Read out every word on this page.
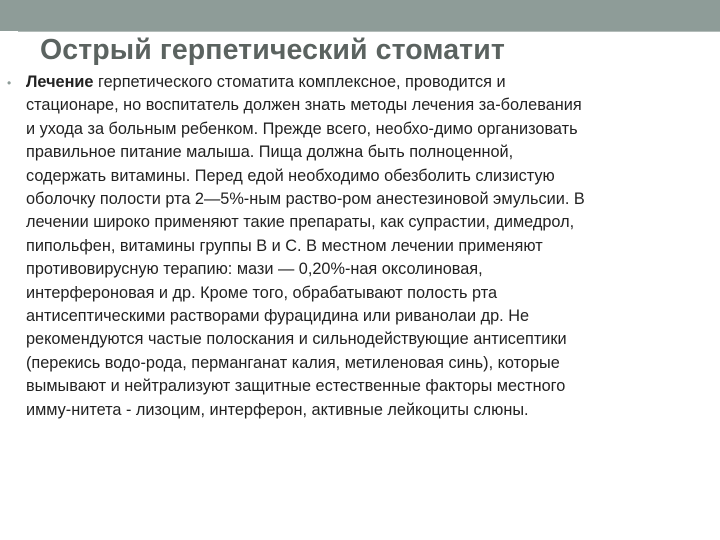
Острый герпетический стоматит
• Лечение герпетического стоматита комплексное, проводится и
стационаре, но воспитатель должен знать методы лечения за-болевания
и ухода за больным ребенком. Прежде всего, необхо-димо организовать
правильное питание малыша. Пища должна быть полноценной,
содержать витамины. Перед едой необходимо обезболить слизистую
оболочку полости рта 2—5%-ным раство-ром анестезиновой эмульсии. В
лечении широко применяют такие препараты, как супрастии, димедрол,
пипольфен, витамины группы В и С. В местном лечении применяют
противовирусную терапию: мази — 0,20%-ная оксолиновая,
интерфероновая и др. Кроме того, обрабатывают полость рта
антисептическими растворами фурацидина или риванолаи др. Не
рекомендуются частые полоскания и сильнодействующие антисептики
(перекись водо-рода, перманганат калия, метиленовая синь), которые
вымывают и нейтрализуют защитные естественные факторы местного
имму-нитета - лизоцим, интерферон, активные лейкоциты слюны.
